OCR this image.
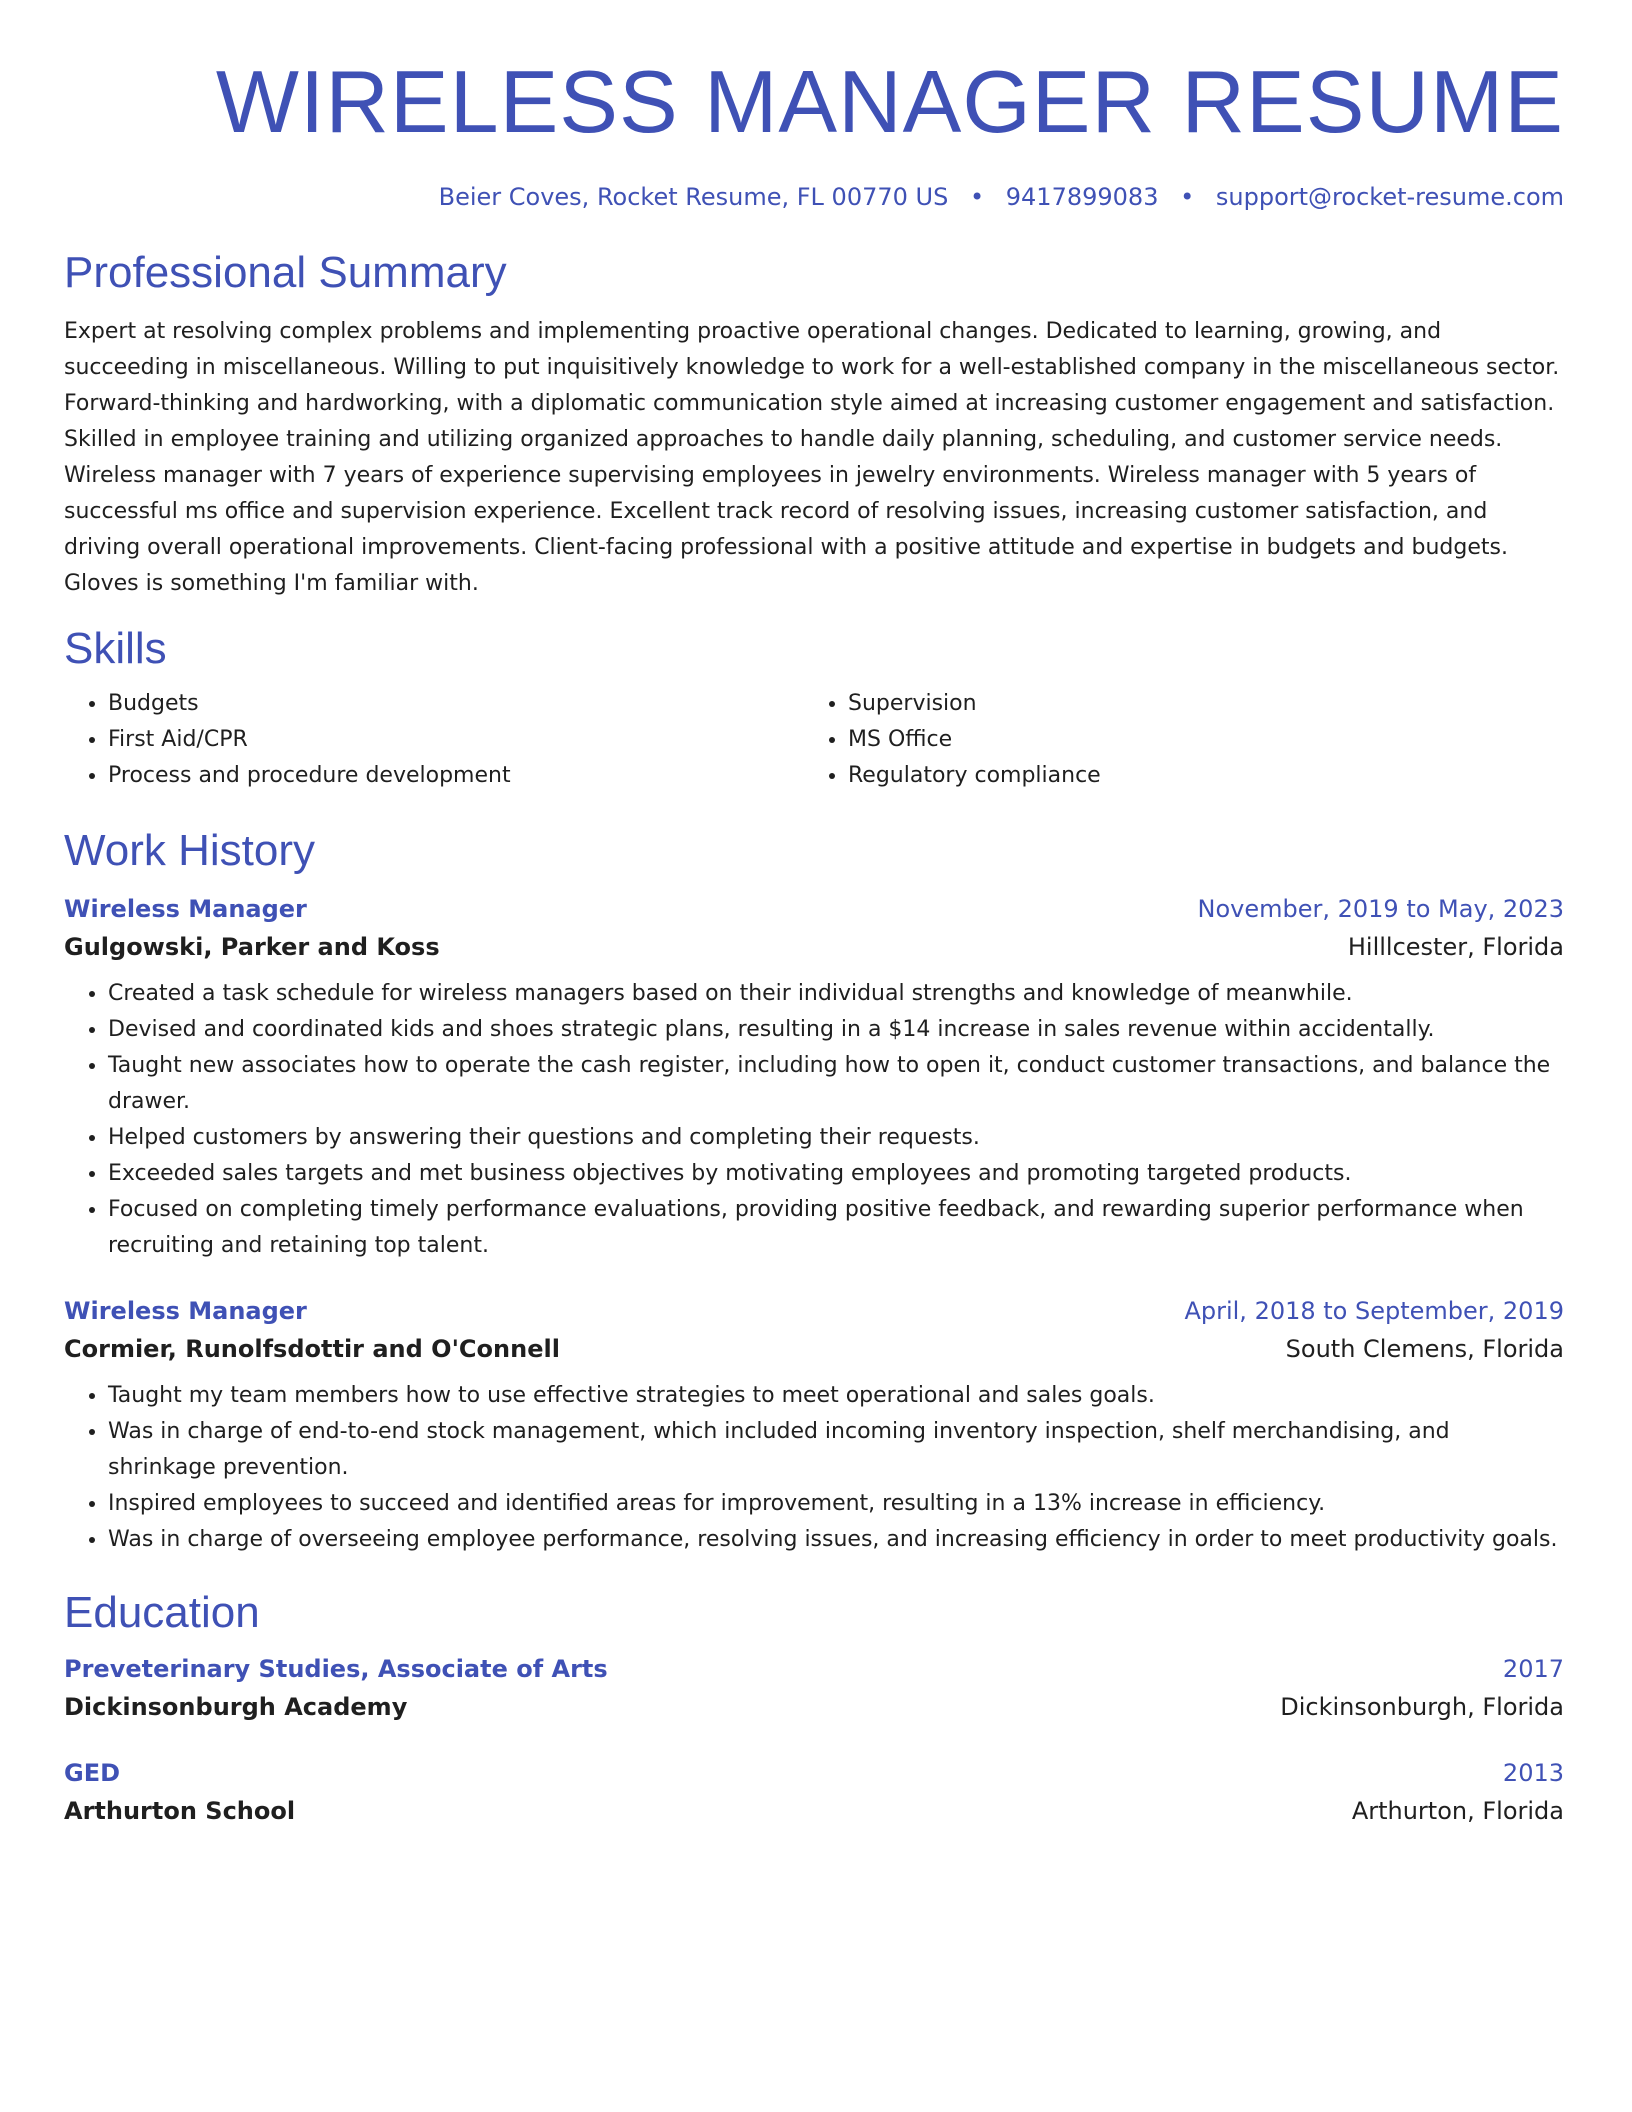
WIRELESS MANAGER RESUME
Beier Coves, Rocket Resume, FL 00770 US • 9417899083 • support@rocket-resume.com
Professional Summary
Expert at resolving complex problems and implementing proactive operational changes. Dedicated to learning, growing, and succeeding in miscellaneous. Willing to put inquisitively knowledge to work for a well-established company in the miscellaneous sector. Forward-thinking and hardworking, with a diplomatic communication style aimed at increasing customer engagement and satisfaction. Skilled in employee training and utilizing organized approaches to handle daily planning, scheduling, and customer service needs. Wireless manager with 7 years of experience supervising employees in jewelry environments. Wireless manager with 5 years of successful ms office and supervision experience. Excellent track record of resolving issues, increasing customer satisfaction, and driving overall operational improvements. Client-facing professional with a positive attitude and expertise in budgets and budgets. Gloves is something I'm familiar with.
Skills
• Budgets
• First Aid/CPR
• Process and procedure development
• Supervision
• MS Office
• Regulatory compliance
Work History
Wireless Manager	November, 2019 to May, 2023
Gulgowski, Parker and Koss	Hilllcester, Florida
• Created a task schedule for wireless managers based on their individual strengths and knowledge of meanwhile.
• Devised and coordinated kids and shoes strategic plans, resulting in a $14 increase in sales revenue within accidentally.
• Taught new associates how to operate the cash register, including how to open it, conduct customer transactions, and balance the drawer.
• Helped customers by answering their questions and completing their requests.
• Exceeded sales targets and met business objectives by motivating employees and promoting targeted products.
• Focused on completing timely performance evaluations, providing positive feedback, and rewarding superior performance when recruiting and retaining top talent.
Wireless Manager	April, 2018 to September, 2019
Cormier, Runolfsdottir and O'Connell	South Clemens, Florida
• Taught my team members how to use effective strategies to meet operational and sales goals.
• Was in charge of end-to-end stock management, which included incoming inventory inspection, shelf merchandising, and shrinkage prevention.
• Inspired employees to succeed and identified areas for improvement, resulting in a 13% increase in efficiency.
• Was in charge of overseeing employee performance, resolving issues, and increasing efficiency in order to meet productivity goals.
Education
Preveterinary Studies, Associate of Arts	2017
Dickinsonburgh Academy	Dickinsonburgh, Florida
GED	2013
Arthurton School	Arthurton, Florida
